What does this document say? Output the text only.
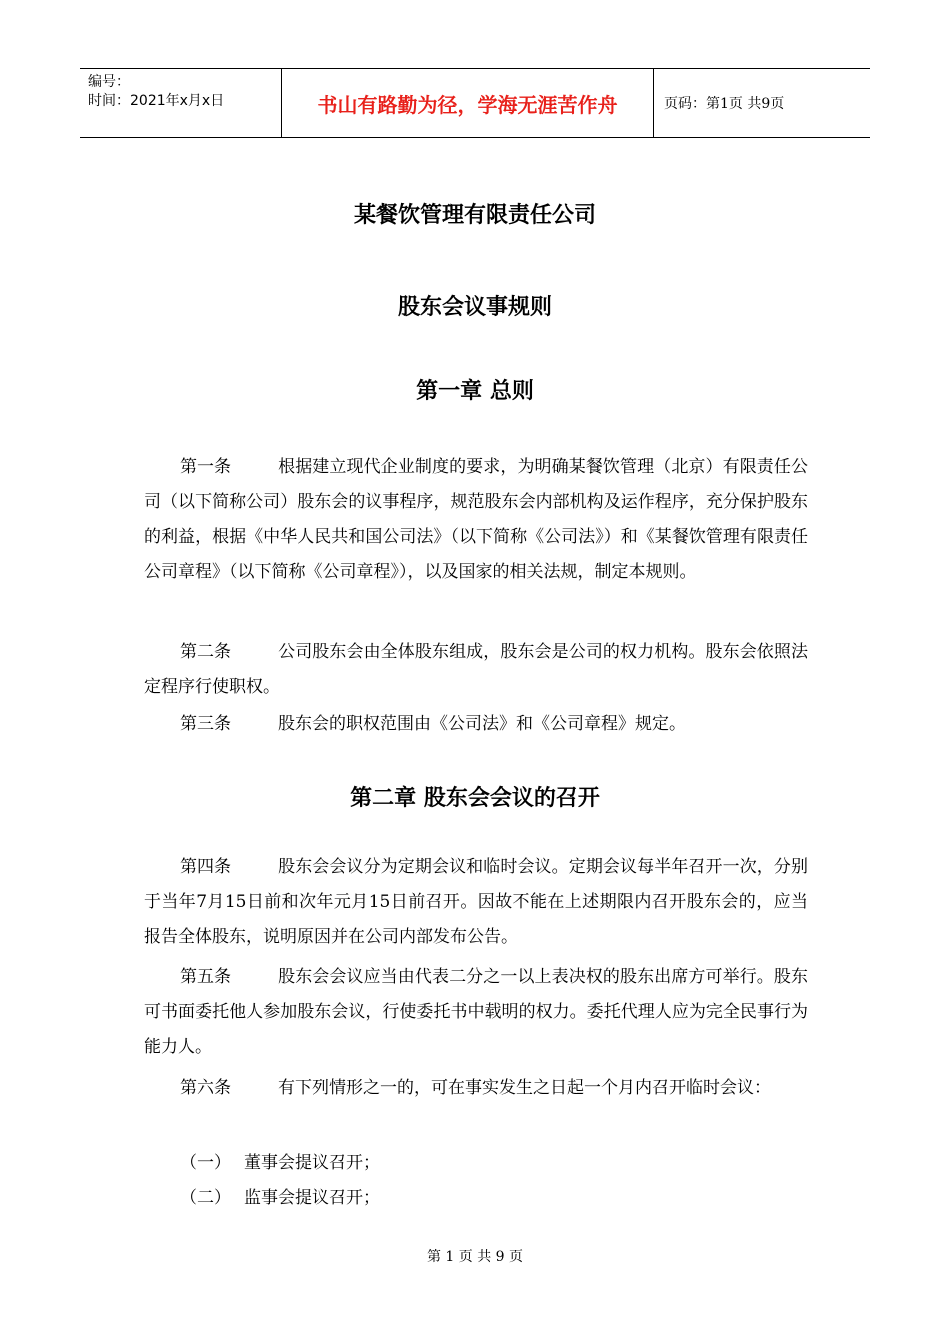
编号：
时间：2021年x月x日	书山有路勤为径，学海无涯苦作舟	页码：第1页 共9页
某餐饮管理有限责任公司
股东会议事规则
第一章 总则
第一条	根据建立现代企业制度的要求，为明确某餐饮管理（北京）有限责任公司（以下简称公司）股东会的议事程序，规范股东会内部机构及运作程序，充分保护股东的利益，根据《中华人民共和国公司法》（以下简称《公司法》）和《某餐饮管理有限责任公司章程》（以下简称《公司章程》），以及国家的相关法规，制定本规则。
第二条	公司股东会由全体股东组成，股东会是公司的权力机构。股东会依照法定程序行使职权。
第三条	股东会的职权范围由《公司法》和《公司章程》规定。
第二章 股东会会议的召开
第四条	股东会会议分为定期会议和临时会议。定期会议每半年召开一次，分别于当年7月15日前和次年元月15日前召开。因故不能在上述期限内召开股东会的，应当报告全体股东，说明原因并在公司内部发布公告。
第五条	股东会会议应当由代表二分之一以上表决权的股东出席方可举行。股东可书面委托他人参加股东会议，行使委托书中载明的权力。委托代理人应为完全民事行为能力人。
第六条	有下列情形之一的，可在事实发生之日起一个月内召开临时会议：
（一） 董事会提议召开；
（二） 监事会提议召开；
第 1 页 共 9 页
